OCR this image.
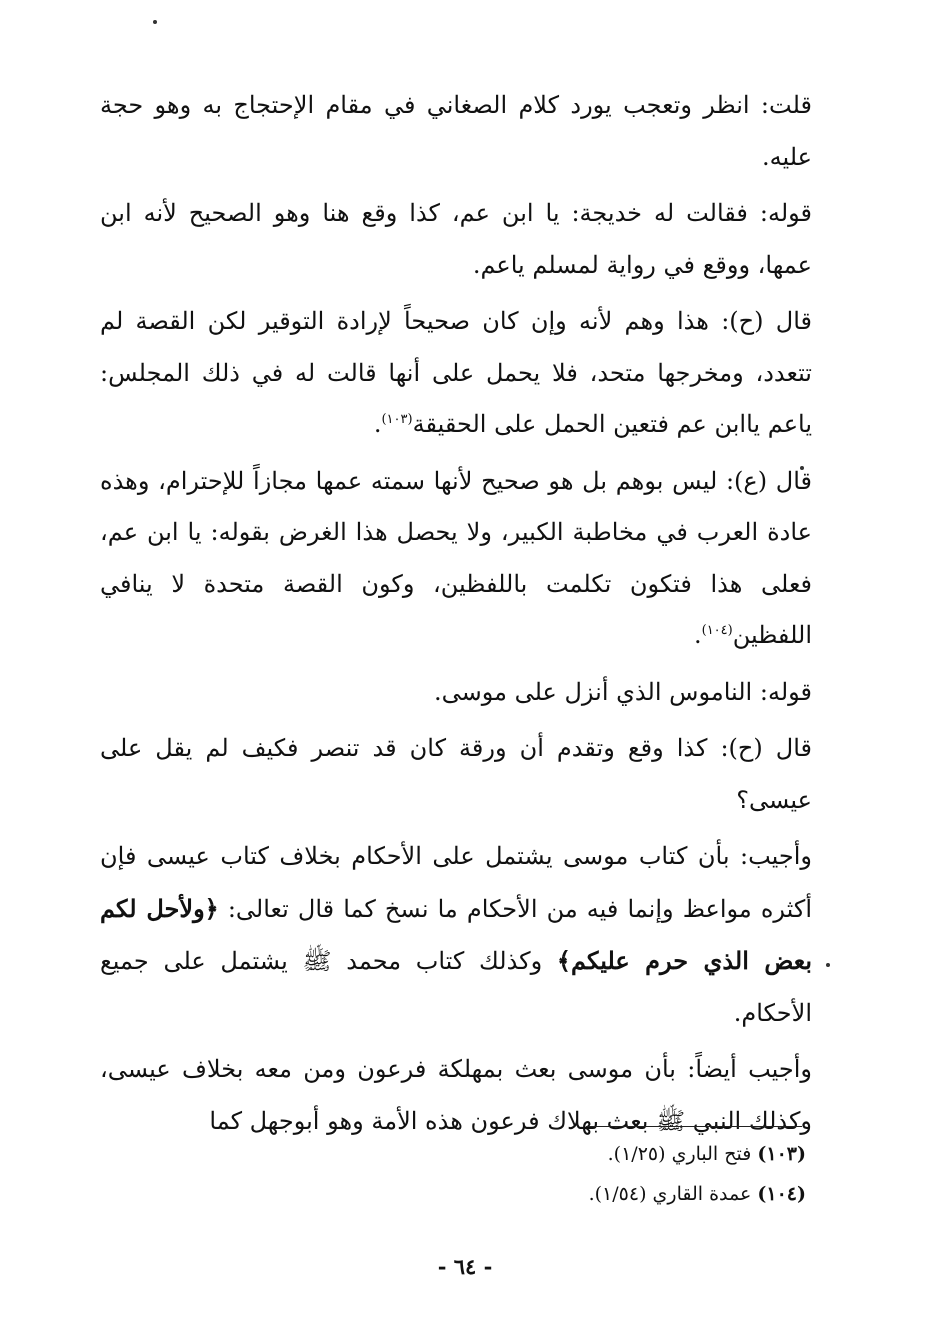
قلت: انظر وتعجب يورد كلام الصغاني في مقام الإحتجاج به وهو حجة عليه.

قوله: فقالت له خديجة: يا ابن عم، كذا وقع هنا وهو الصحيح لأنه ابن عمها، ووقع في رواية لمسلم ياعم.

قال (ح): هذا وهم لأنه وإن كان صحيحاً لإرادة التوقير لكن القصة لم تتعدد، ومخرجها متحد، فلا يحمل على أنها قالت له في ذلك المجلس: ياعم ياابن عم فتعين الحمل على الحقيقة$^{(١٠٣)}$.

قال (ع): ليس بوهم بل هو صحيح لأنها سمته عمها مجازاً للإحترام، وهذه عادة العرب في مخاطبة الكبير، ولا يحصل هذا الغرض بقوله: يا ابن عم، فعلى هذا فتكون تكلمت باللفظين، وكون القصة متحدة لا ينافي اللفظين$^{(١٠٤)}$.

قوله: الناموس الذي أنزل على موسى.

قال (ح): كذا وقع وتقدم أن ورقة كان قد تنصر فكيف لم يقل على عيسى؟

وأجيب: بأن كتاب موسى يشتمل على الأحكام بخلاف كتاب عيسى فإن أكثره مواعظ وإنما فيه من الأحكام ما نسخ كما قال تعالى: ﴿ولأحل لكم بعض الذي حرم عليكم﴾ وكذلك كتاب محمد ﷺ يشتمل على جميع الأحكام.

وأجيب أيضاً: بأن موسى بعث بمهلكة فرعون ومن معه بخلاف عيسى، وكذلك النبي ﷺ بعث بهلاك فرعون هذه الأمة وهو أبوجهل كما

(١٠٣) فتح الباري (١/٢٥).

(١٠٤) عمدة القاري (١/٥٤).

- ٦٤ -
